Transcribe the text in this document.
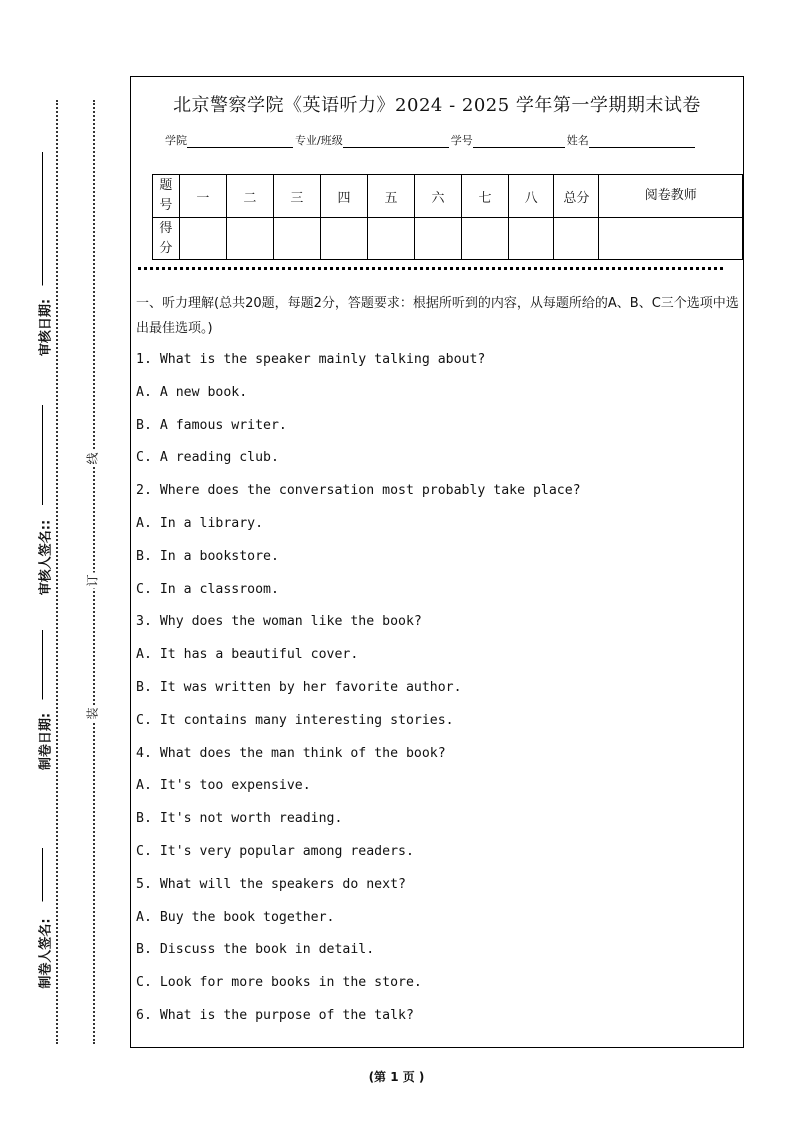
审核日期:
审核人签名::
制卷日期:
制卷人签名:
线
订
装
北京警察学院《英语听力》2024 - 2025 学年第一学期期末试卷
学院	专业/班级	学号	姓名
题号	一	二	三	四	五	六	七	八	总分	阅卷教师
得分										
一、听力理解(总共20题，每题2分，答题要求：根据所听到的内容，从每题所给的A、B、C三个选项中选出最佳选项。)
1. What is the speaker mainly talking about?
A. A new book.
B. A famous writer.
C. A reading club.
2. Where does the conversation most probably take place?
A. In a library.
B. In a bookstore.
C. In a classroom.
3. Why does the woman like the book?
A. It has a beautiful cover.
B. It was written by her favorite author.
C. It contains many interesting stories.
4. What does the man think of the book?
A. It's too expensive.
B. It's not worth reading.
C. It's very popular among readers.
5. What will the speakers do next?
A. Buy the book together.
B. Discuss the book in detail.
C. Look for more books in the store.
6. What is the purpose of the talk?
(第 1 页 )
